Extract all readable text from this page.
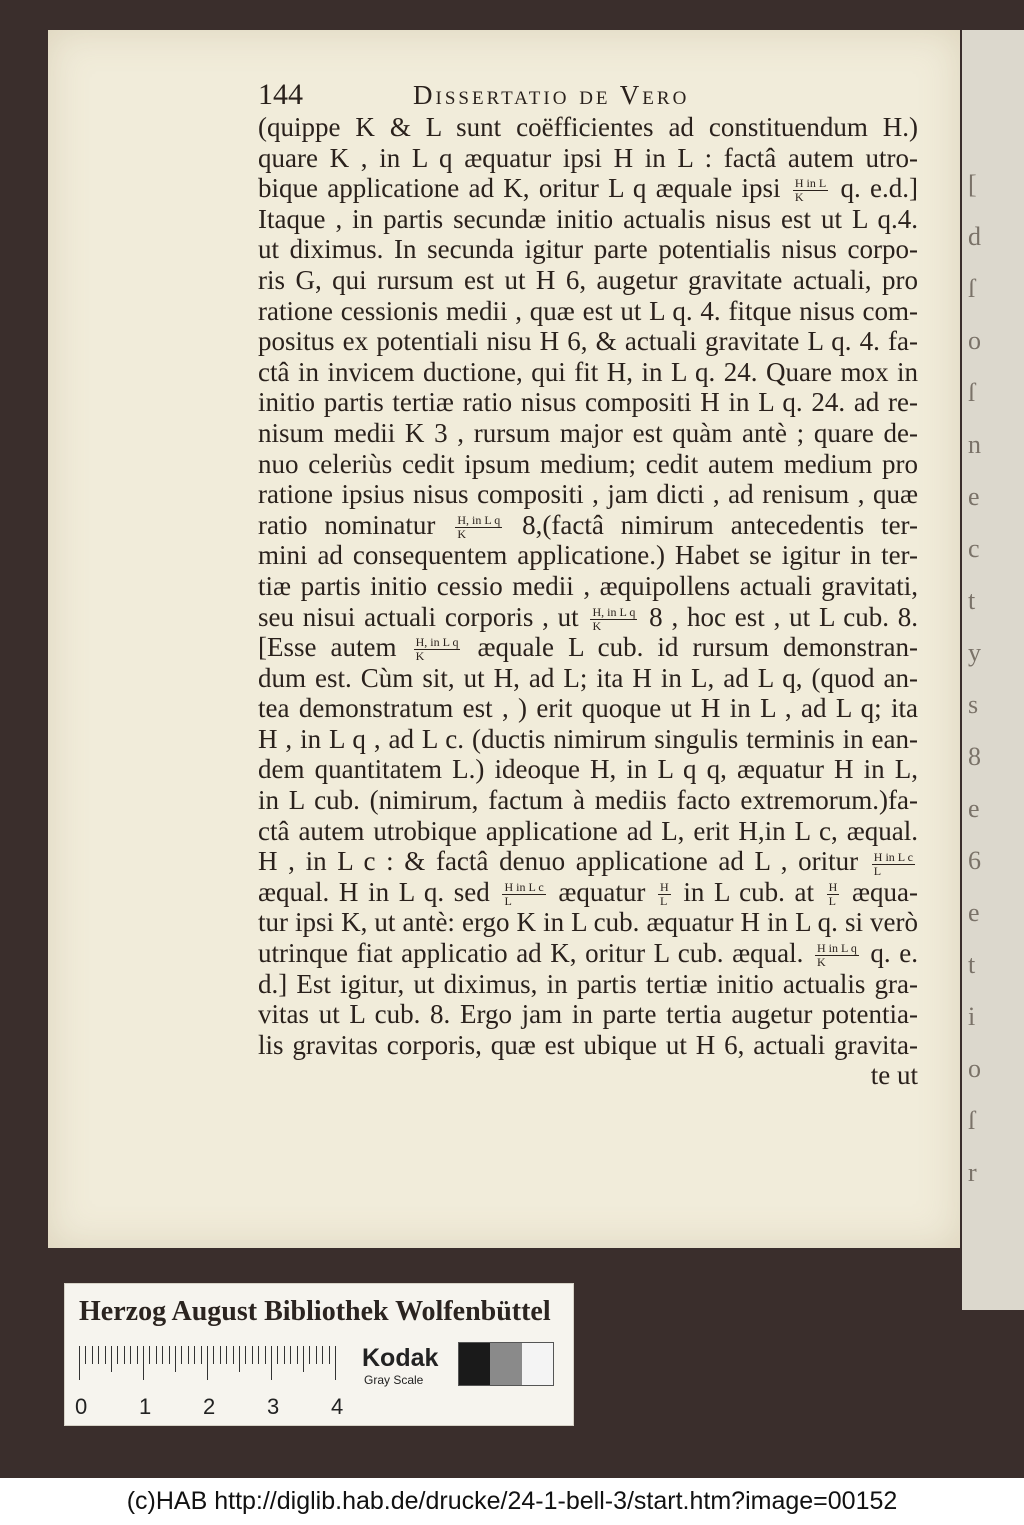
[
d
ſ
o
ſ
n
e
c
t
y
s
8
e
6
e
t
i
o
ſ
r
144	Dissertatio de Vero
(quippe K & L sunt coëfficientes ad constituendum H.)
quare K , in L q æquatur ipsi H in L : factâ autem utro-
bique applicatione ad K, oritur L q æquale ipsi $\frac{\text{H in L}}{K} q$. e.d.]
Itaque , in partis secundæ initio actualis nisus est ut L q.4.
ut diximus. In secunda igitur parte potentialis nisus corpo-
ris G, qui rursum est ut H 6, augetur gravitate actuali, pro
ratione cessionis medii , quæ est ut L q. 4. fitque nisus com-
positus ex potentiali nisu H 6, & actuali gravitate L q. 4. fa-
ctâ in invicem ductione, qui fit H, in L q. 24. Quare mox in
initio partis tertiæ ratio nisus compositi H in L q. 24. ad re-
nisum medii K 3 , rursum major est quàm antè ; quare de-
nuo celeriùs cedit ipsum medium; cedit autem medium pro
ratione ipsius nisus compositi , jam dicti , ad renisum , quæ
ratio nominatur $\frac{\text{H, in L q}}{K}$ 8,(factâ nimirum antecedentis ter-
mini ad consequentem applicatione.) Habet se igitur in ter-
tiæ partis initio cessio medii , æquipollens actuali gravitati,
seu nisui actuali corporis , ut $\frac{\text{H, in L q}}{K} 8$ , hoc est , ut L cub. 8.
[Esse autem $\frac{\text{H, in L q}}{K}$ æquale L cub. id rursum demonstran-
dum est. Cùm sit, ut H, ad L; ita H in L, ad L q, (quod an-
tea demonstratum est , ) erit quoque ut H in L , ad L q; ita
H , in L q , ad L c. (ductis nimirum singulis terminis in ean-
dem quantitatem L.) ideoque H, in L q q, æquatur H in L,
in L cub. (nimirum, factum à mediis facto extremorum.)fa-
ctâ autem utrobique applicatione ad L, erit H,in L c, æqual.
H , in L c : & factâ denuo applicatione ad L , oritur $\frac{\text{H in L c}}{L}$
æqual. H in L q. sed $\frac{\text{H in L c}}{L}$ æquatur $\frac{H}{L}$ in L cub. at $\frac{H}{L}$ æqua-
tur ipsi K, ut antè: ergo K in L cub. æquatur H in L q. si verò
utrinque fiat applicatio ad K, oritur L cub. æqual. $\frac{\text{H in L q}}{K} q$. e.
d.] Est igitur, ut diximus, in partis tertiæ initio actualis gra-
vitas ut L cub. 8. Ergo jam in parte tertia augetur potentia-
lis gravitas corporis, quæ est ubique ut H 6, actuali gravita-
te ut
Herzog August Bibliothek Wolfenbüttel
0 1 2 3 4
Kodak
Gray Scale
(c)HAB http://diglib.hab.de/drucke/24-1-bell-3/start.htm?image=00152
